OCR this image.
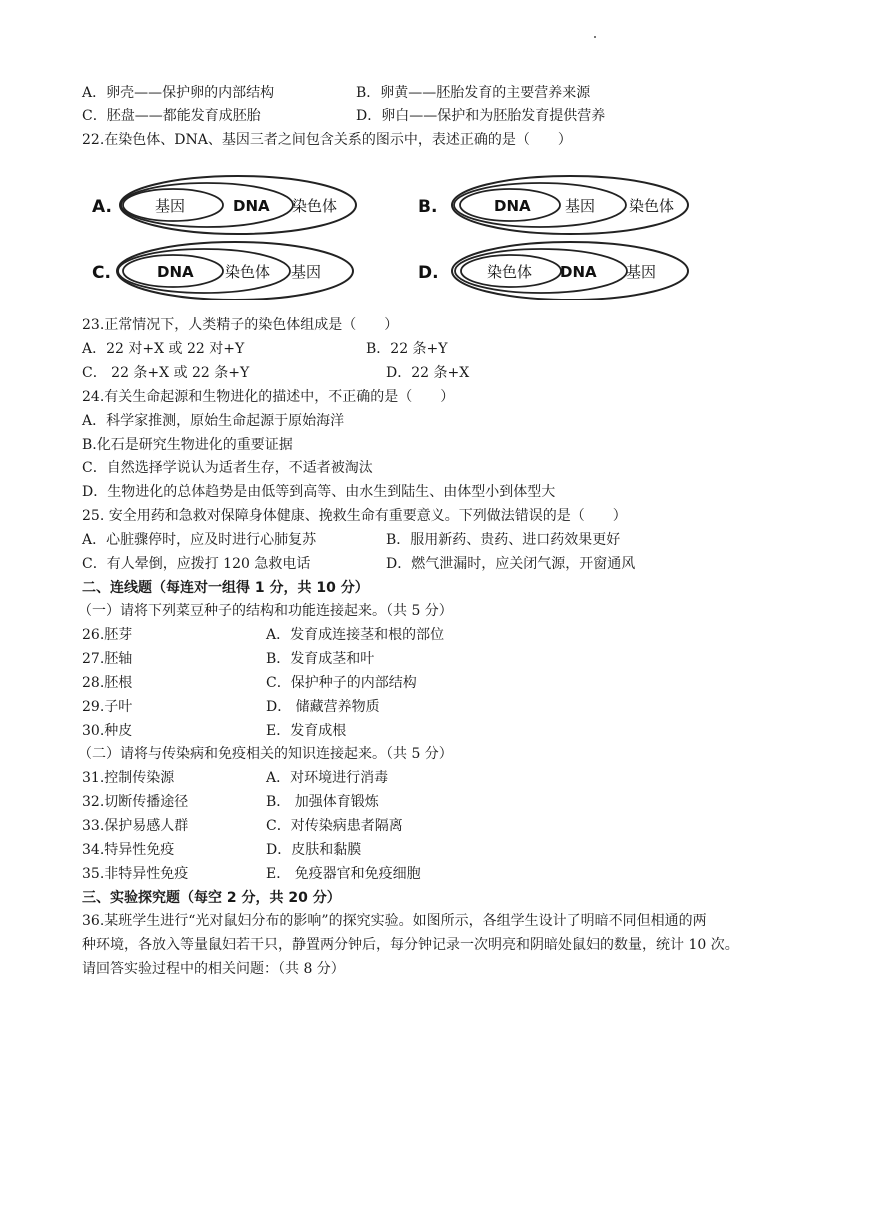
A．卵壳——保护卵的内部结构	B．卵黄——胚胎发育的主要营养来源
C．胚盘——都能发育成胚胎	D．卵白——保护和为胚胎发育提供营养
22.在染色体、DNA、基因三者之间包含关系的图示中，表述正确的是（　　）
A.	基因	DNA 染色体	B.	DNA 基因 染色体
C.	DNA 染色体 基因	D.	染色体 DNA 基因
23.正常情况下，人类精子的染色体组成是（　　）
A．22 对+X 或 22 对+Y	B．22 条+Y
C． 22 条+X 或 22 条+Y	D．22 条+X
24.有关生命起源和生物进化的描述中，不正确的是（　　）
A．科学家推测，原始生命起源于原始海洋
B.化石是研究生物进化的重要证据
C．自然选择学说认为适者生存，不适者被淘汰
D．生物进化的总体趋势是由低等到高等、由水生到陆生、由体型小到体型大
25. 安全用药和急救对保障身体健康、挽救生命有重要意义。下列做法错误的是（　　）
A．心脏骤停时，应及时进行心肺复苏	B．服用新药、贵药、进口药效果更好
C．有人晕倒，应拨打 120 急救电话	D．燃气泄漏时，应关闭气源，开窗通风
二、连线题（每连对一组得 1 分，共 10 分）
（一）请将下列菜豆种子的结构和功能连接起来。（共 5 分）
26.胚芽	A．发育成连接茎和根的部位
27.胚轴	B．发育成茎和叶
28.胚根	C．保护种子的内部结构
29.子叶	D． 储藏营养物质
30.种皮	E．发育成根
（二）请将与传染病和免疫相关的知识连接起来。（共 5 分）
31.控制传染源	A．对环境进行消毒
32.切断传播途径	B． 加强体育锻炼
33.保护易感人群	C．对传染病患者隔离
34.特异性免疫	D．皮肤和黏膜
35.非特异性免疫	E． 免疫器官和免疫细胞
三、实验探究题（每空 2 分，共 20 分）
36.某班学生进行“光对鼠妇分布的影响”的探究实验。如图所示，各组学生设计了明暗不同但相通的两
种环境，各放入等量鼠妇若干只，静置两分钟后，每分钟记录一次明亮和阴暗处鼠妇的数量，统计 10 次。
请回答实验过程中的相关问题：（共 8 分）
